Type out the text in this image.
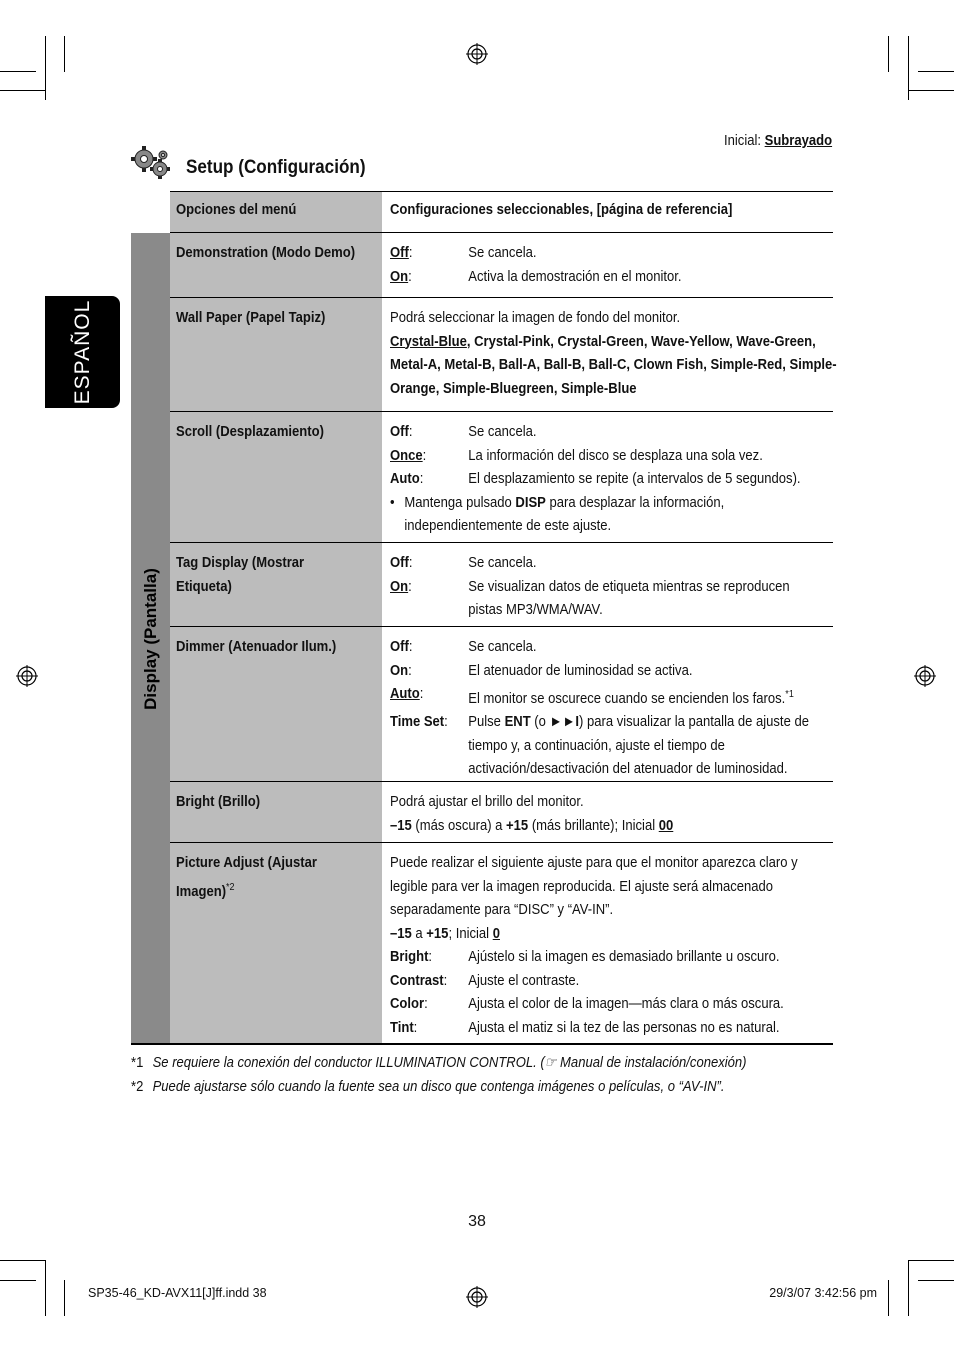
ESPAÑOL
Inicial: Subrayado
Setup (Configuración)
Opciones del menú	Configuraciones seleccionables, [página de referencia]
Display (Pantalla)
Demonstration (Modo Demo)	Off:	Se cancela.
On:	Activa la demostración en el monitor.
Wall Paper (Papel Tapiz)	Podrá seleccionar la imagen de fondo del monitor.
Crystal-Blue, Crystal-Pink, Crystal-Green, Wave-Yellow, Wave-Green, Metal-A, Metal-B, Ball-A, Ball-B, Ball-C, Clown Fish, Simple-Red, Simple-Orange, Simple-Bluegreen, Simple-Blue
Scroll (Desplazamiento)	Off:	Se cancela.
Once:	La información del disco se desplaza una sola vez.
Auto:	El desplazamiento se repite (a intervalos de 5 segundos).
• Mantenga pulsado DISP para desplazar la información, independientemente de este ajuste.
Tag Display (Mostrar Etiqueta)
Off:	Se cancela.
On:	Se visualizan datos de etiqueta mientras se reproducen pistas MP3/WMA/WAV.
Dimmer (Atenuador Ilum.)	Off:	Se cancela.
On:	El atenuador de luminosidad se activa.
Auto:	El monitor se oscurece cuando se encienden los faros.$^{*1}$
Time Set:	Pulse ENT (o ►►I) para visualizar la pantalla de ajuste de tiempo y, a continuación, ajuste el tiempo de activación/desactivación del atenuador de luminosidad.
Bright (Brillo)	Podrá ajustar el brillo del monitor.
–15 (más oscura) a +15 (más brillante); Inicial 00
Picture Adjust (Ajustar Imagen)$^{*2}$
Puede realizar el siguiente ajuste para que el monitor aparezca claro y legible para ver la imagen reproducida. El ajuste será almacenado separadamente para “DISC” y “AV-IN”.
–15 a +15; Inicial 0
Bright:	Ajústelo si la imagen es demasiado brillante u oscuro.
Contrast:	Ajuste el contraste.
Color:	Ajusta el color de la imagen—más clara o más oscura.
Tint:	Ajusta el matiz si la tez de las personas no es natural.
*1 Se requiere la conexión del conductor ILLUMINATION CONTROL. (☞ Manual de instalación/conexión)
*2 Puede ajustarse sólo cuando la fuente sea un disco que contenga imágenes o películas, o “AV-IN”.
38
SP35-46_KD-AVX11[J]ff.indd 38	29/3/07 3:42:56 pm
